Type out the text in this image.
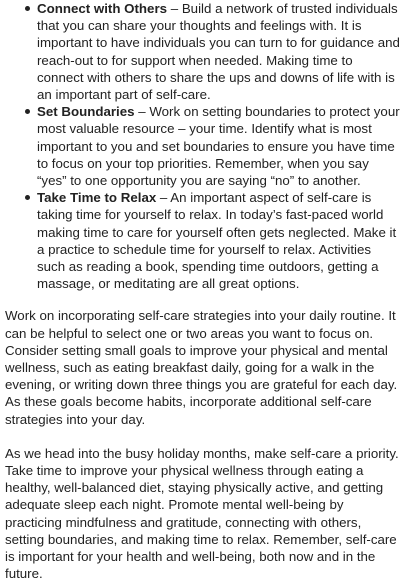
Connect with Others – Build a network of trusted individuals that you can share your thoughts and feelings with. It is important to have individuals you can turn to for guidance and reach-out to for support when needed. Making time to connect with others to share the ups and downs of life with is an important part of self-care.
Set Boundaries – Work on setting boundaries to protect your most valuable resource – your time. Identify what is most important to you and set boundaries to ensure you have time to focus on your top priorities. Remember, when you say “yes” to one opportunity you are saying “no” to another.
Take Time to Relax – An important aspect of self-care is taking time for yourself to relax. In today’s fast-paced world making time to care for yourself often gets neglected. Make it a practice to schedule time for yourself to relax. Activities such as reading a book, spending time outdoors, getting a massage, or meditating are all great options.

Work on incorporating self-care strategies into your daily routine. It can be helpful to select one or two areas you want to focus on. Consider setting small goals to improve your physical and mental wellness, such as eating breakfast daily, going for a walk in the evening, or writing down three things you are grateful for each day. As these goals become habits, incorporate additional self-care strategies into your day.

As we head into the busy holiday months, make self-care a priority. Take time to improve your physical wellness through eating a healthy, well-balanced diet, staying physically active, and getting adequate sleep each night. Promote mental well-being by practicing mindfulness and gratitude, connecting with others, setting boundaries, and making time to relax. Remember, self-care is important for your health and well-being, both now and in the future.
